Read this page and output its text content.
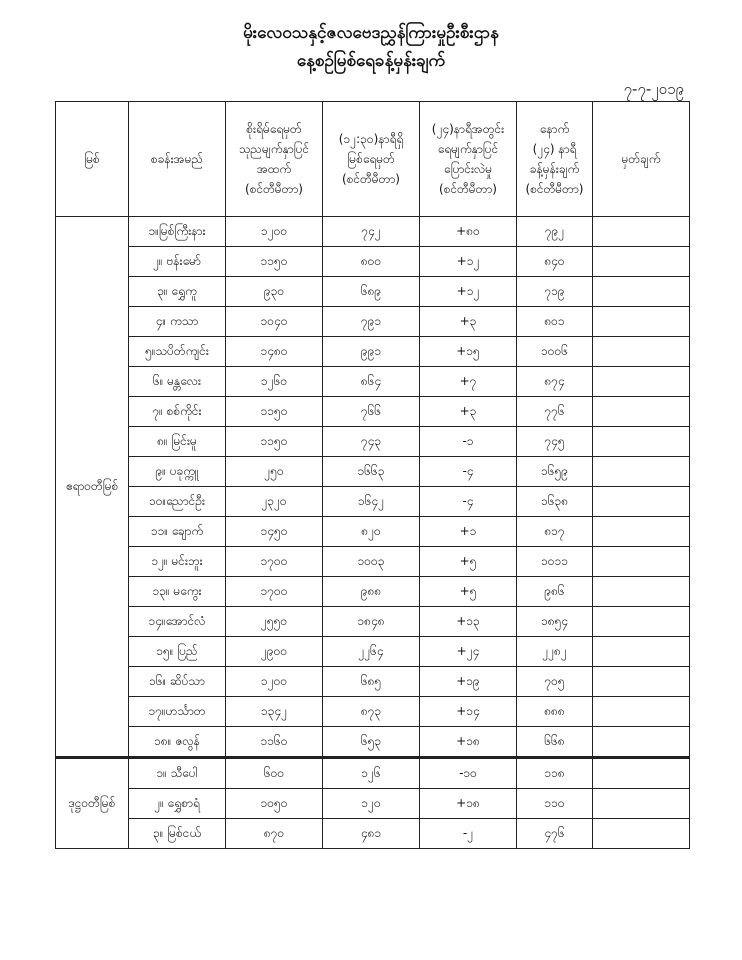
မိုးလေဝသနှင့်ဇလဗေဒညွှန်ကြားမှုဦးစီးဌာန
နေ့စဉ်မြစ်ရေခန့်မှန်းချက်
၇-၇-၂၀၁၉
မြစ်	စခန်းအမည်	စိုးရိမ်ရေမှတ်
သုညမျက်နှာပြင်
အထက်
(စင်တီမီတာ)	(၁၂:၃၀)နာရီရှိ
မြစ်ရေမှတ်
(စင်တီမီတာ)	(၂၄)နာရီအတွင်း
ရေမျက်နှာပြင်
ပြောင်းလဲမှု
(စင်တီမီတာ)	နောက်
(၂၄) နာရီ
ခန့်မှန်းချက်
(စင်တီမီတာ)	မှတ်ချက်

ဧရာဝတီမြစ်	၁။မြစ်ကြီးနား	၁၂၀၀	၇၄၂	+၈၀	၇၉၂	
	၂။ ဗန်းမော်	၁၁၅၀	၈၀၀	+၁၂	၈၄၀	
	၃။ ရွှေကူ	၉၃၀	၆၈၉	+၁၂	၇၁၉	
	၄။ ကသာ	၁၀၄၀	၇၉၁	+၃	၈၀၁	
	၅။သပိတ်ကျင်း	၁၄၈၀	၉၉၁	+၁၅	၁၀၀၆	
	၆။ မန္တလေး	၁၂၆၀	၈၆၄	+၇	၈၇၄	
	၇။ စစ်ကိုင်း	၁၁၅၀	၇၆၆	+၃	၇၇၆	
	၈။ မြင်းမူ	၁၁၅၀	၇၄၃	-၁	၇၄၅	
	၉။ ပခုက္ကူ	၂၅၀	၁၆၆၃	-၄	၁၆၅၉	
	၁၀။ညောင်ဦး	၂၃၂၀	၁၆၄၂	-၄	၁၆၃၈	
	၁၁။ ချောက်	၁၄၅၀	၈၂၀	+၁	၈၁၇	
	၁၂။ မင်းဘူး	၁၇၀၀	၁၀၀၃	+၅	၁၀၁၁	
	၁၃။ မကွေး	၁၇၀၀	၉၈၈	+၅	၉၈၆	
	၁၄။အောင်လံ	၂၅၅၀	၁၈၄၈	+၁၃	၁၈၅၄	
	၁၅။ ပြည်	၂၉၀၀	၂၂၆၄	+၂၄	၂၂၈၂	
	၁၆။ ဆိပ်သာ	၁၂၀၀	၆၈၅	+၁၉	၇၀၅	
	၁၇။ဟင်္သာတ	၁၃၄၂	၈၇၃	+၁၄	၈၈၈	
	၁၈။ ဇလွန်	၁၁၆၀	၆၅၃	+၁၈	၆၆၈	
ဒုဋ္ဌဝတီမြစ်	၁။ သီပေါ	၆၀၀	၁၂၆	-၁၀	၁၁၈	
	၂။ ရွှေစာရံ	၁၀၅၀	၁၂၀	+၁၈	၁၁၀	
	၃။ မြစ်ငယ်	၈၇၀	၄၈၁	-၂	၄၇၆	
